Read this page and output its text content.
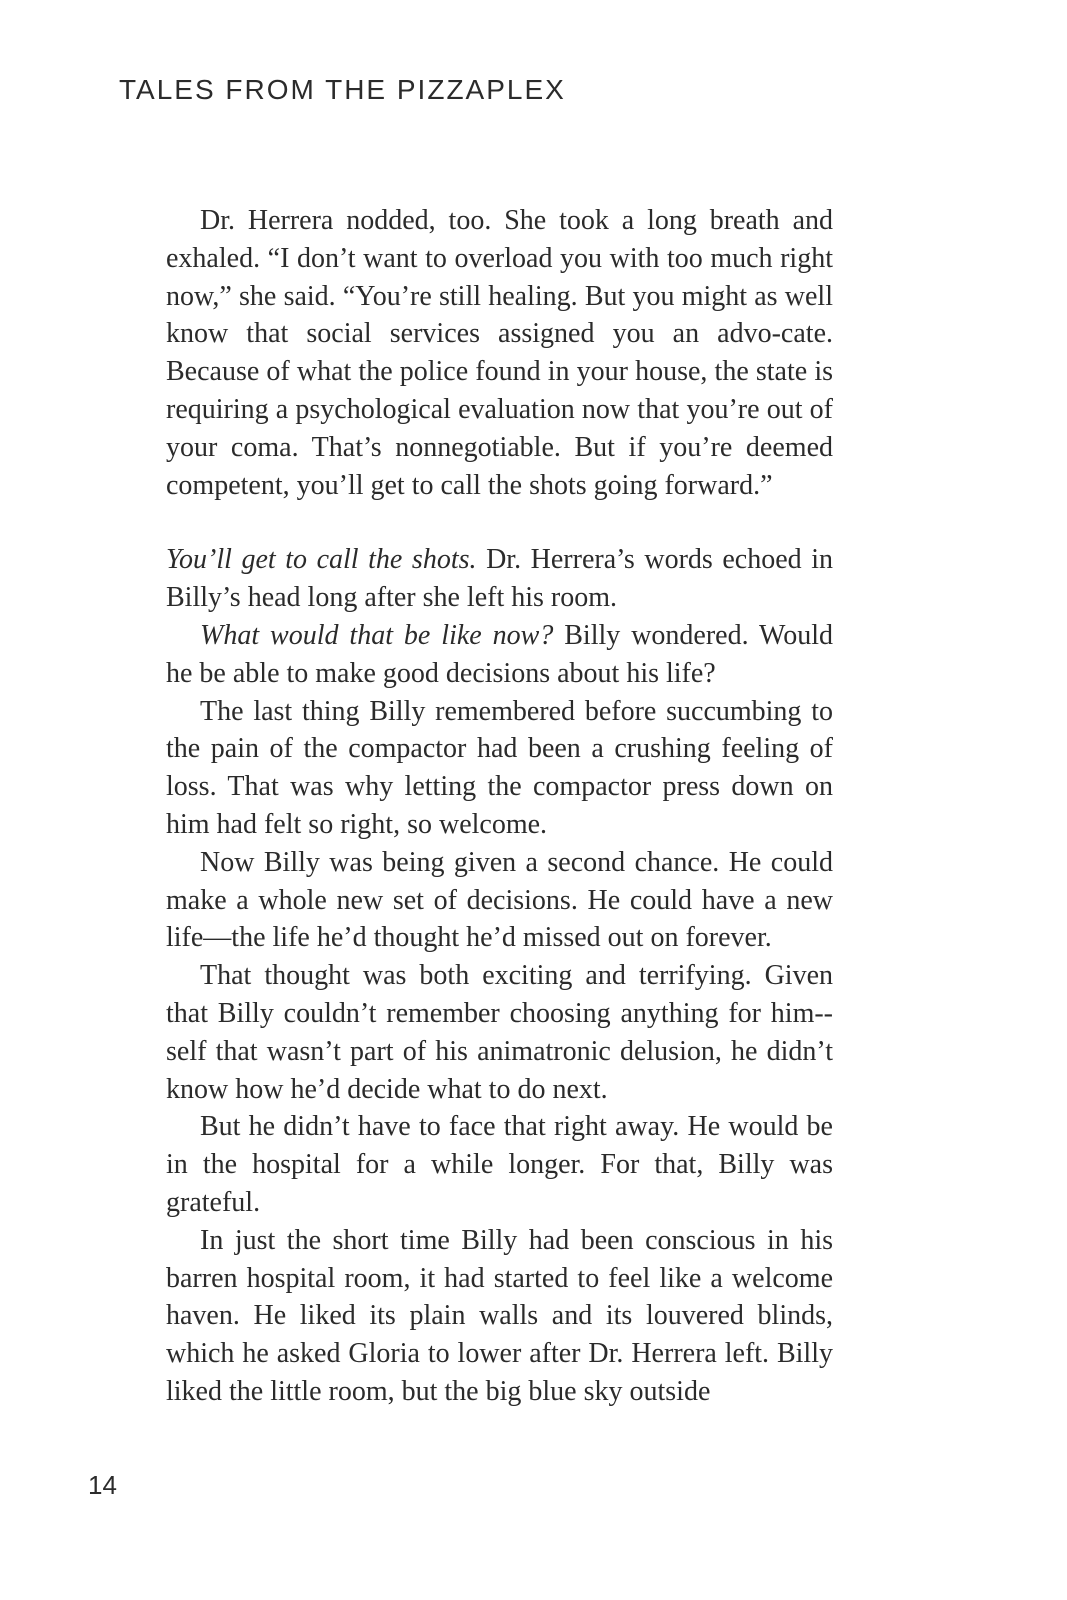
TALES FROM THE PIZZAPLEX

Dr. Herrera nodded, too. She took a long breath and exhaled. “I don’t want to overload you with too much right now,” she said. “You’re still healing. But you might as well know that social services assigned you an advo-cate. Because of what the police found in your house, the state is requiring a psychological evaluation now that you’re out of your coma. That’s nonnegotiable. But if you’re deemed competent, you’ll get to call the shots going forward.”

You’ll get to call the shots. Dr. Herrera’s words echoed in Billy’s head long after she left his room.

What would that be like now? Billy wondered. Would he be able to make good decisions about his life?

The last thing Billy remembered before succumbing to the pain of the compactor had been a crushing feeling of loss. That was why letting the compactor press down on him had felt so right, so welcome.

Now Billy was being given a second chance. He could make a whole new set of decisions. He could have a new life—the life he’d thought he’d missed out on forever.

That thought was both exciting and terrifying. Given that Billy couldn’t remember choosing anything for him-self that wasn’t part of his animatronic delusion, he didn’t know how he’d decide what to do next.

But he didn’t have to face that right away. He would be in the hospital for a while longer. For that, Billy was grateful.

In just the short time Billy had been conscious in his barren hospital room, it had started to feel like a welcome haven. He liked its plain walls and its louvered blinds, which he asked Gloria to lower after Dr. Herrera left. Billy liked the little room, but the big blue sky outside

14
